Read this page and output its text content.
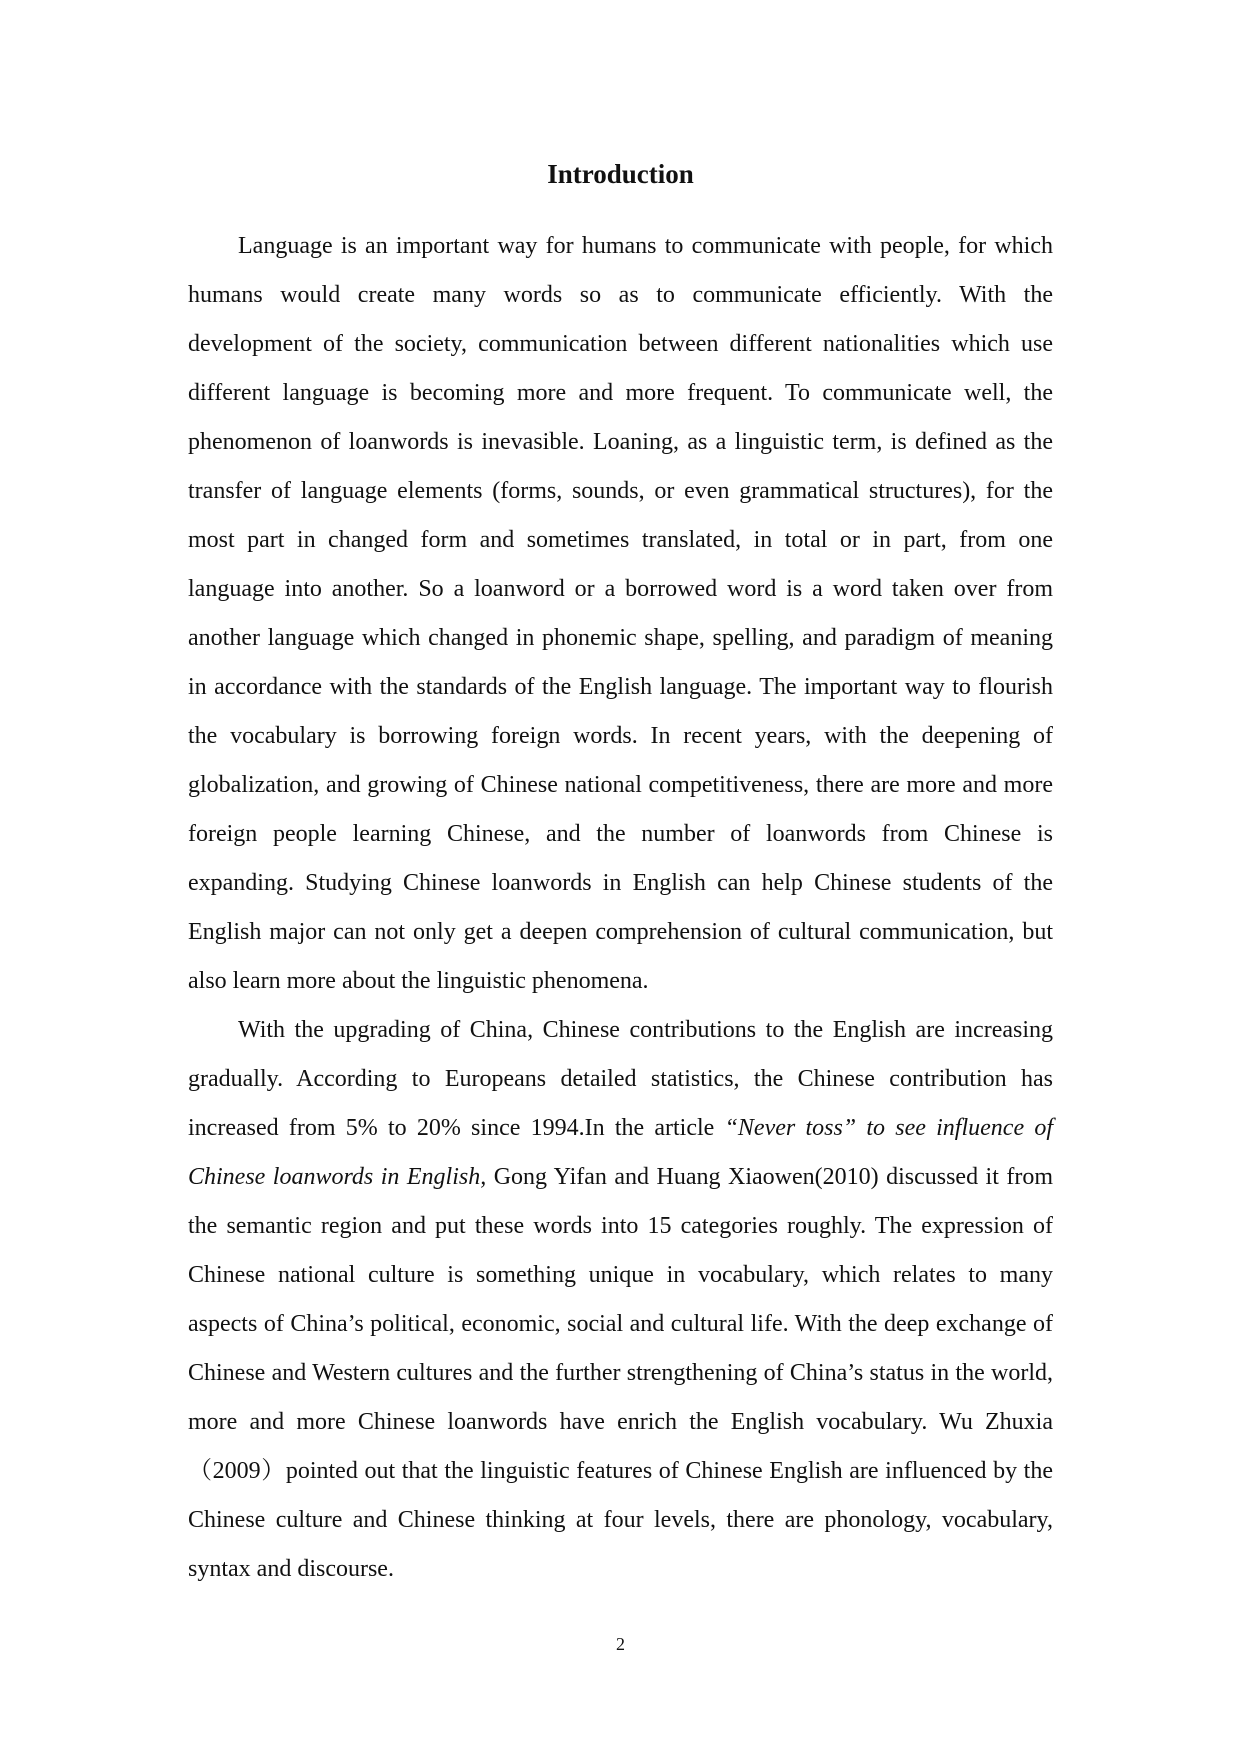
Introduction

Language is an important way for humans to communicate with people, for which humans would create many words so as to communicate efficiently. With the development of the society, communication between different nationalities which use different language is becoming more and more frequent. To communicate well, the phenomenon of loanwords is inevasible. Loaning, as a linguistic term, is defined as the transfer of language elements (forms, sounds, or even grammatical structures), for the most part in changed form and sometimes translated, in total or in part, from one language into another. So a loanword or a borrowed word is a word taken over from another language which changed in phonemic shape, spelling, and paradigm of meaning in accordance with the standards of the English language. The important way to flourish the vocabulary is borrowing foreign words. In recent years, with the deepening of globalization, and growing of Chinese national competitiveness, there are more and more foreign people learning Chinese, and the number of loanwords from Chinese is expanding. Studying Chinese loanwords in English can help Chinese students of the English major can not only get a deepen comprehension of cultural communication, but also learn more about the linguistic phenomena.

With the upgrading of China, Chinese contributions to the English are increasing gradually. According to Europeans detailed statistics, the Chinese contribution has increased from 5% to 20% since 1994.In the article “Never toss” to see influence of Chinese loanwords in English, Gong Yifan and Huang Xiaowen(2010) discussed it from the semantic region and put these words into 15 categories roughly. The expression of Chinese national culture is something unique in vocabulary, which relates to many aspects of China’s political, economic, social and cultural life. With the deep exchange of Chinese and Western cultures and the further strengthening of China’s status in the world, more and more Chinese loanwords have enrich the English vocabulary. Wu Zhuxia（2009）pointed out that the linguistic features of Chinese English are influenced by the Chinese culture and Chinese thinking at four levels, there are phonology, vocabulary, syntax and discourse.

2
